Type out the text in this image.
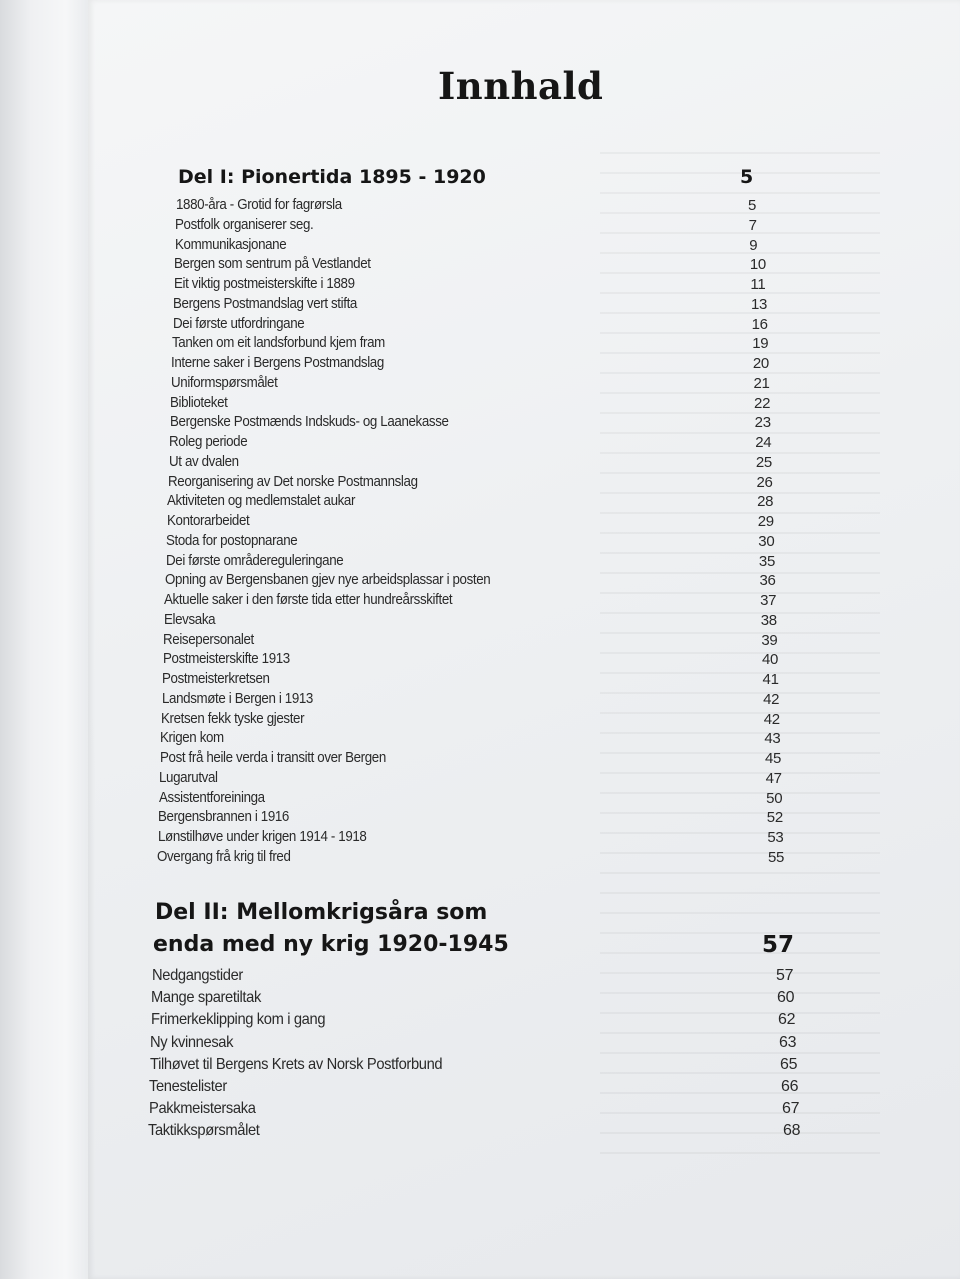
Innhald
Del I: Pionertida 1895 - 1920	5
1880-åra - Grotid for fagrørsla	5
Postfolk organiserer seg.	7
Kommunikasjonane	9
Bergen som sentrum på Vestlandet	10
Eit viktig postmeisterskifte i 1889	11
Bergens Postmandslag vert stifta	13
Dei første utfordringane	16
Tanken om eit landsforbund kjem fram	19
Interne saker i Bergens Postmandslag	20
Uniformspørsmålet	21
Biblioteket	22
Bergenske Postmænds Indskuds- og Laanekasse	23
Roleg periode	24
Ut av dvalen	25
Reorganisering av Det norske Postmannslag	26
Aktiviteten og medlemstalet aukar	28
Kontorarbeidet	29
Stoda for postopnarane	30
Dei første områdereguleringane	35
Opning av Bergensbanen gjev nye arbeidsplassar i posten	36
Aktuelle saker i den første tida etter hundreårsskiftet	37
Elevsaka	38
Reisepersonalet	39
Postmeisterskifte 1913	40
Postmeisterkretsen	41
Landsmøte i Bergen i 1913	42
Kretsen fekk tyske gjester	42
Krigen kom	43
Post frå heile verda i transitt over Bergen	45
Lugarutval	47
Assistentforeininga	50
Bergensbrannen i 1916	52
Lønstilhøve under krigen 1914 - 1918	53
Overgang frå krig til fred	55
Del II: Mellomkrigsåra som
enda med ny krig 1920-1945	57
Nedgangstider	57
Mange sparetiltak	60
Frimerkeklipping kom i gang	62
Ny kvinnesak	63
Tilhøvet til Bergens Krets av Norsk Postforbund	65
Tenestelister	66
Pakkmeistersaka	67
Taktikkspørsmålet	68
